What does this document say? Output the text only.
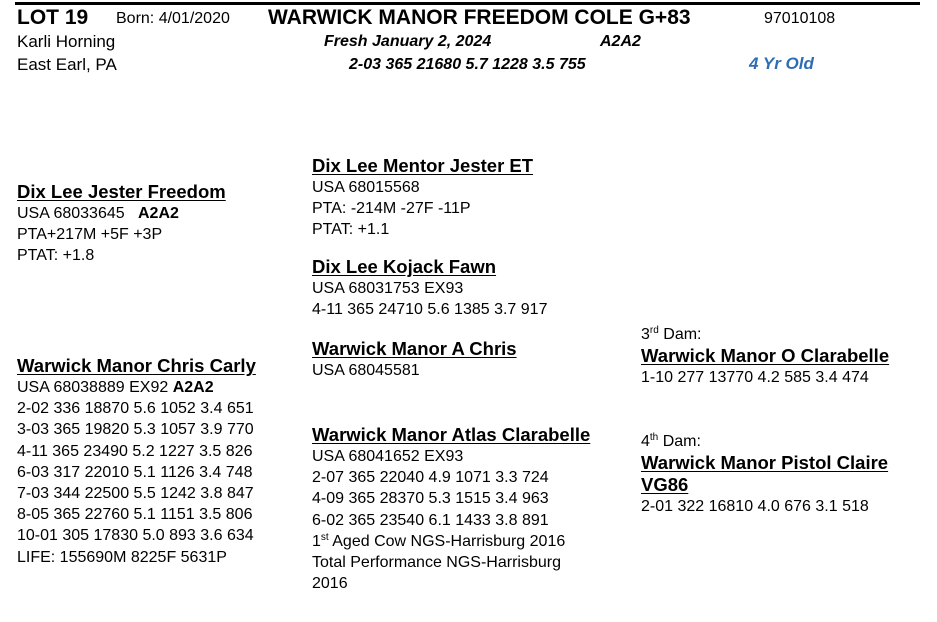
LOT 19 Born: 4/01/2020 WARWICK MANOR FREEDOM COLE G+83	97010108
Karli Horning	Fresh January 2, 2024	A2A2
East Earl, PA	2-03 365 21680 5.7 1228 3.5 755	4 Yr Old
Dix Lee Jester Freedom
USA 68033645 A2A2
PTA+217M +5F +3P
PTAT: +1.8
Dix Lee Mentor Jester ET
USA 68015568
PTA: -214M -27F -11P
PTAT: +1.1
Dix Lee Kojack Fawn
USA 68031753 EX93
4-11 365 24710 5.6 1385 3.7 917
Warwick Manor Chris Carly
USA 68038889 EX92 A2A2
2-02 336 18870 5.6 1052 3.4 651
3-03 365 19820 5.3 1057 3.9 770
4-11 365 23490 5.2 1227 3.5 826
6-03 317 22010 5.1 1126 3.4 748
7-03 344 22500 5.5 1242 3.8 847
8-05 365 22760 5.1 1151 3.5 806
10-01 305 17830 5.0 893 3.6 634
LIFE: 155690M 8225F 5631P
Warwick Manor A Chris
USA 68045581
Warwick Manor Atlas Clarabelle
USA 68041652 EX93
2-07 365 22040 4.9 1071 3.3 724
4-09 365 28370 5.3 1515 3.4 963
6-02 365 23540 6.1 1433 3.8 891
1st Aged Cow NGS-Harrisburg 2016
Total Performance NGS-Harrisburg
2016
3rd Dam:
Warwick Manor O Clarabelle
1-10 277 13770 4.2 585 3.4 474
4th Dam:
Warwick Manor Pistol Claire
VG86
2-01 322 16810 4.0 676 3.1 518
